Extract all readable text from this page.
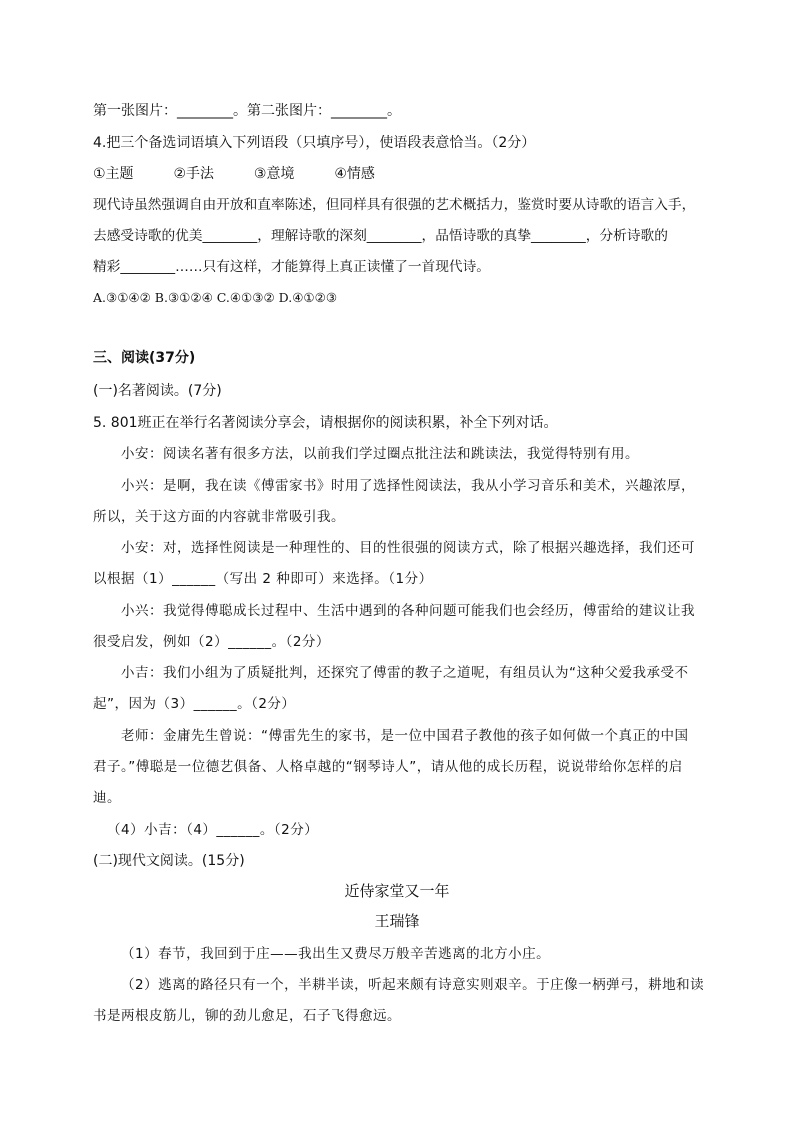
第一张图片：________。第二张图片：________。
4.把三个备选词语填入下列语段（只填序号），使语段表意恰当。（2分）
①主题	②手法	③意境	④情感
现代诗虽然强调自由开放和直率陈述，但同样具有很强的艺术概括力，鉴赏时要从诗歌的语言入手，
去感受诗歌的优美________，理解诗歌的深刻________，品悟诗歌的真挚________，分析诗歌的
精彩________……只有这样，才能算得上真正读懂了一首现代诗。
A.③①④② B.③①②④ C.④①③② D.④①②③
三、阅读(37分)
(一)名著阅读。(7分)
5. 801班正在举行名著阅读分享会，请根据你的阅读积累，补全下列对话。
小安：阅读名著有很多方法，以前我们学过圈点批注法和跳读法，我觉得特别有用。
小兴：是啊，我在读《傅雷家书》时用了选择性阅读法，我从小学习音乐和美术，兴趣浓厚，
所以，关于这方面的内容就非常吸引我。
小安：对，选择性阅读是一种理性的、目的性很强的阅读方式，除了根据兴趣选择，我们还可
以根据（1）______（写出 2 种即可）来选择。（1分）
小兴：我觉得傅聪成长过程中、生活中遇到的各种问题可能我们也会经历，傅雷给的建议让我
很受启发，例如（2）______。（2分）
小吉：我们小组为了质疑批判，还探究了傅雷的教子之道呢，有组员认为“这种父爱我承受不
起”，因为（3）______。（2分）
老师：金庸先生曾说：“傅雷先生的家书，是一位中国君子教他的孩子如何做一个真正的中国
君子。”傅聪是一位德艺俱备、人格卓越的“钢琴诗人”，请从他的成长历程，说说带给你怎样的启
迪。
（4）小吉：（4）______。（2分）
(二)现代文阅读。(15分)
近侍家堂又一年
王瑞锋
（1）春节，我回到于庄——我出生又费尽万般辛苦逃离的北方小庄。
（2）逃离的路径只有一个，半耕半读，听起来颇有诗意实则艰辛。于庄像一柄弹弓，耕地和读
书是两根皮筋儿，铆的劲儿愈足，石子飞得愈远。
